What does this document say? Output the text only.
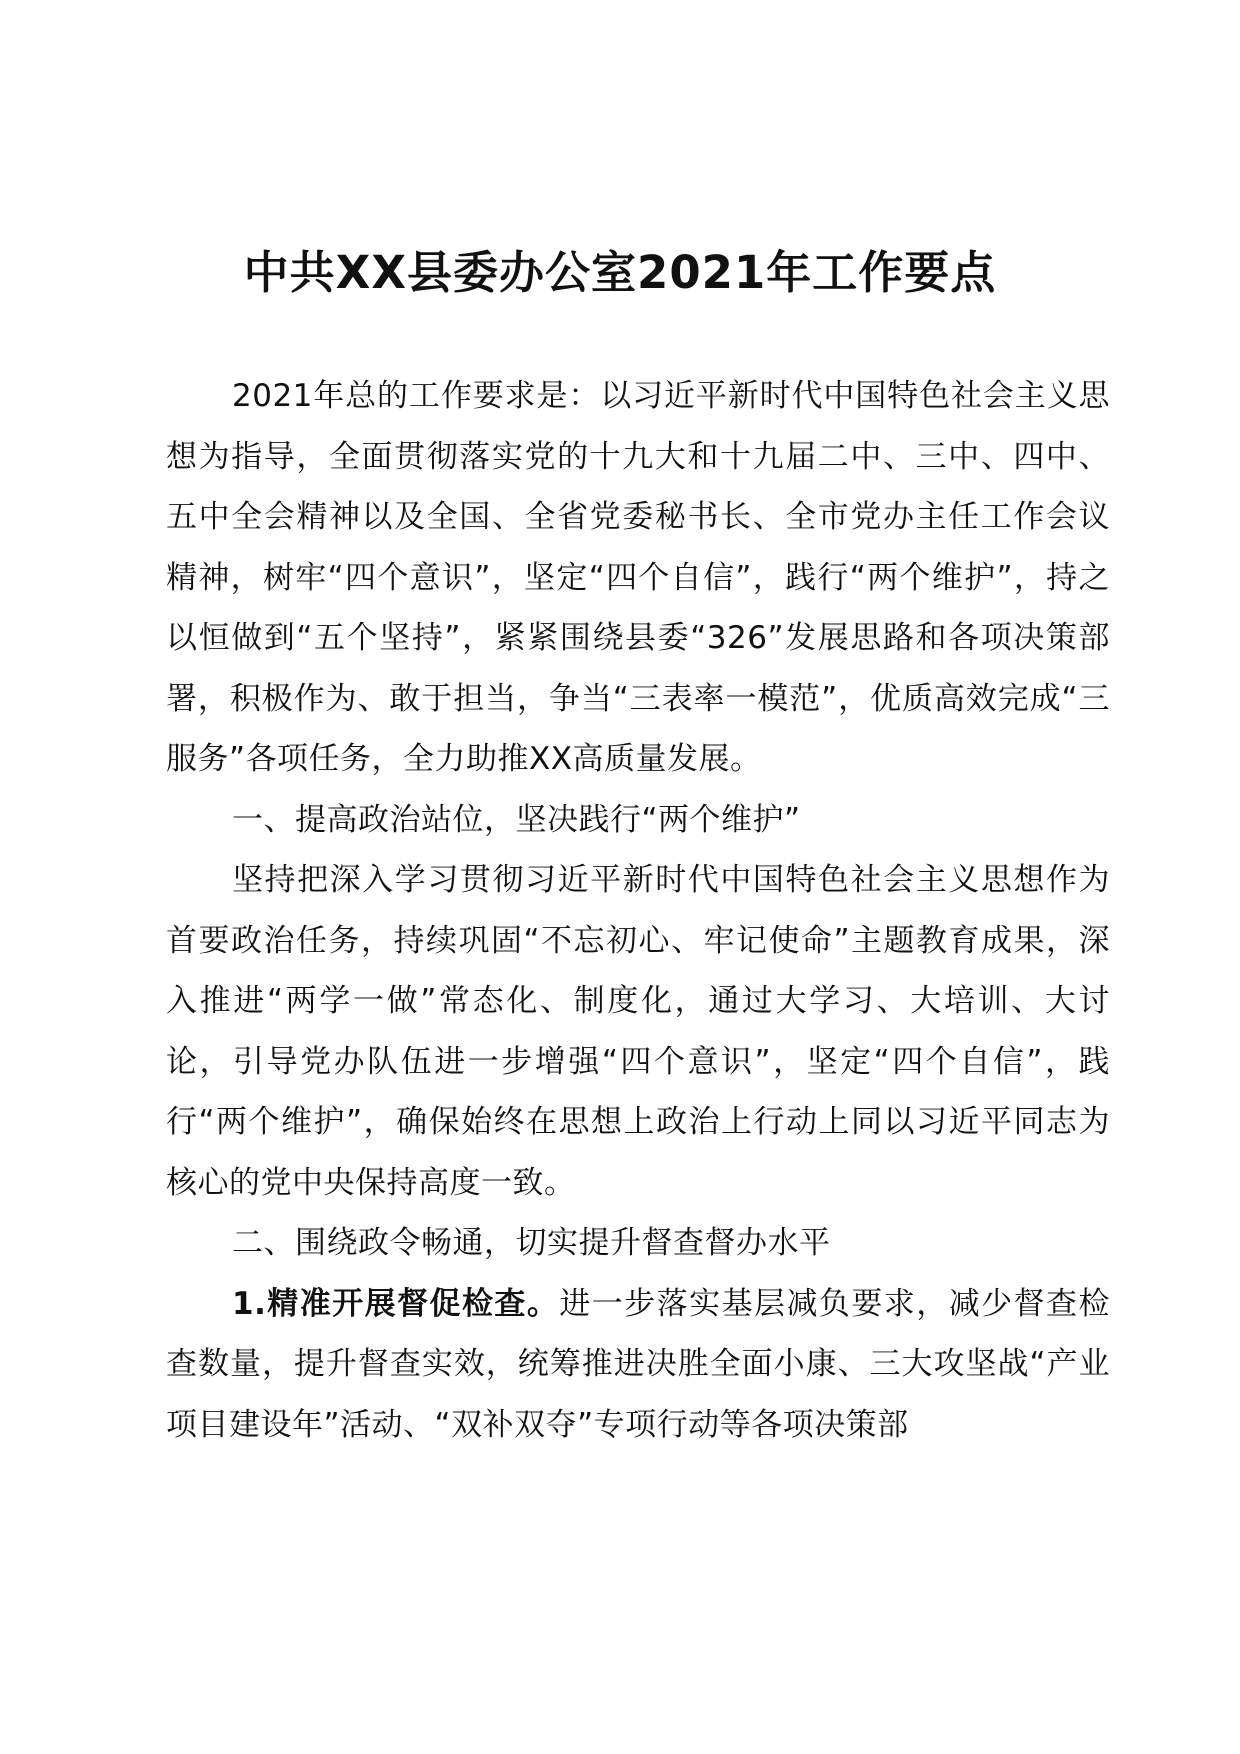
中共XX县委办公室2021年工作要点

2021年总的工作要求是：以习近平新时代中国特色社会主义思想为指导，全面贯彻落实党的十九大和十九届二中、三中、四中、五中全会精神以及全国、全省党委秘书长、全市党办主任工作会议精神，树牢“四个意识”，坚定“四个自信”，践行“两个维护”，持之以恒做到“五个坚持”，紧紧围绕县委“326”发展思路和各项决策部署，积极作为、敢于担当，争当“三表率一模范”，优质高效完成“三服务”各项任务，全力助推XX高质量发展。

一、提高政治站位，坚决践行“两个维护”

坚持把深入学习贯彻习近平新时代中国特色社会主义思想作为首要政治任务，持续巩固“不忘初心、牢记使命”主题教育成果，深入推进“两学一做”常态化、制度化，通过大学习、大培训、大讨论，引导党办队伍进一步增强“四个意识”，坚定“四个自信”，践行“两个维护”，确保始终在思想上政治上行动上同以习近平同志为核心的党中央保持高度一致。

二、围绕政令畅通，切实提升督查督办水平

1.精准开展督促检查。进一步落实基层减负要求，减少督查检查数量，提升督查实效，统筹推进决胜全面小康、三大攻坚战“产业项目建设年”活动、“双补双夺”专项行动等各项决策部
